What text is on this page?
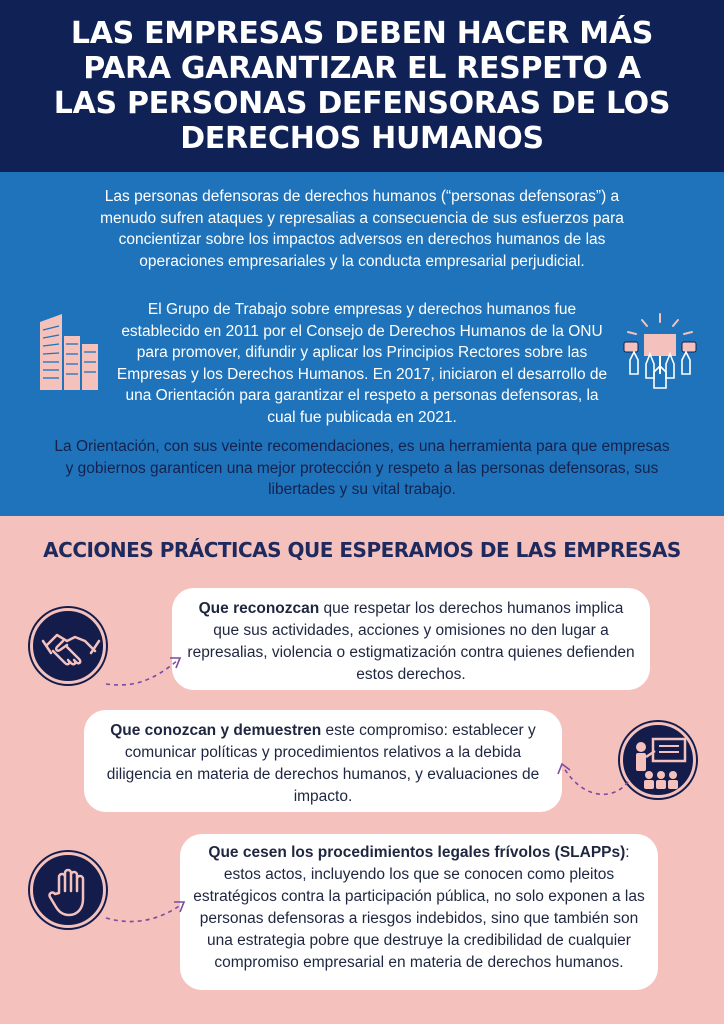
LAS EMPRESAS DEBEN HACER MÁS PARA GARANTIZAR EL RESPETO A LAS PERSONAS DEFENSORAS DE LOS DERECHOS HUMANOS

Las personas defensoras de derechos humanos (“personas defensoras”) a menudo sufren ataques y represalias a consecuencia de sus esfuerzos para concientizar sobre los impactos adversos en derechos humanos de las operaciones empresariales y la conducta empresarial perjudicial.

El Grupo de Trabajo sobre empresas y derechos humanos fue establecido en 2011 por el Consejo de Derechos Humanos de la ONU para promover, difundir y aplicar los Principios Rectores sobre las Empresas y los Derechos Humanos. En 2017, iniciaron el desarrollo de una Orientación para garantizar el respeto a personas defensoras, la cual fue publicada en 2021.

La Orientación, con sus veinte recomendaciones, es una herramienta para que empresas y gobiernos garanticen una mejor protección y respeto a las personas defensoras, sus libertades y su vital trabajo.

ACCIONES PRÁCTICAS QUE ESPERAMOS DE LAS EMPRESAS
Que reconozcan que respetar los derechos humanos implica que sus actividades, acciones y omisiones no den lugar a represalias, violencia o estigmatización contra quienes defienden estos derechos.
Que conozcan y demuestren este compromiso: establecer y comunicar políticas y procedimientos relativos a la debida diligencia en materia de derechos humanos, y evaluaciones de impacto.
Que cesen los procedimientos legales frívolos (SLAPPs): estos actos, incluyendo los que se conocen como pleitos estratégicos contra la participación pública, no solo exponen a las personas defensoras a riesgos indebidos, sino que también son una estrategia pobre que destruye la credibilidad de cualquier compromiso empresarial en materia de derechos humanos.
